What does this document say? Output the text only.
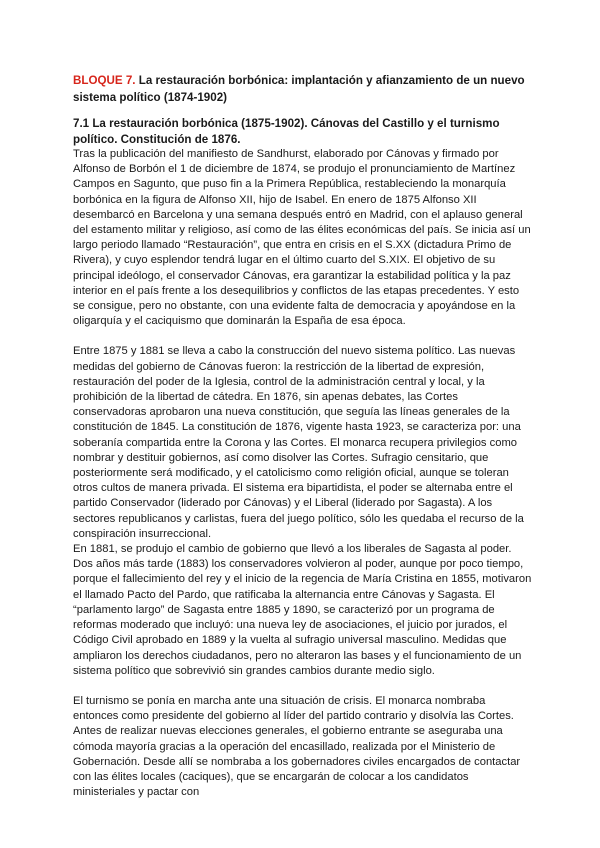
BLOQUE 7. La restauración borbónica: implantación y afianzamiento de un nuevo sistema político (1874-1902)

7.1 La restauración borbónica (1875-1902). Cánovas del Castillo y el turnismo político. Constitución de 1876.

Tras la publicación del manifiesto de Sandhurst, elaborado por Cánovas y firmado por Alfonso de Borbón el 1 de diciembre de 1874, se produjo el pronunciamiento de Martínez Campos en Sagunto, que puso fin a la Primera República, restableciendo la monarquía borbónica en la figura de Alfonso XII, hijo de Isabel. En enero de 1875 Alfonso XII desembarcó en Barcelona y una semana después entró en Madrid, con el aplauso general del estamento militar y religioso, así como de las élites económicas del país. Se inicia así un largo periodo llamado “Restauración”, que entra en crisis en el S.XX (dictadura Primo de Rivera), y cuyo esplendor tendrá lugar en el último cuarto del S.XIX. El objetivo de su principal ideólogo, el conservador Cánovas, era garantizar la estabilidad política y la paz interior en el país frente a los desequilibrios y conflictos de las etapas precedentes. Y esto se consigue, pero no obstante, con una evidente falta de democracia y apoyándose en la oligarquía y el caciquismo que dominarán la España de esa época.

Entre 1875 y 1881 se lleva a cabo la construcción del nuevo sistema político. Las nuevas medidas del gobierno de Cánovas fueron: la restricción de la libertad de expresión, restauración del poder de la Iglesia, control de la administración central y local, y la prohibición de la libertad de cátedra. En 1876, sin apenas debates, las Cortes conservadoras aprobaron una nueva constitución, que seguía las líneas generales de la constitución de 1845. La constitución de 1876, vigente hasta 1923, se caracteriza por: una soberanía compartida entre la Corona y las Cortes. El monarca recupera privilegios como nombrar y destituir gobiernos, así como disolver las Cortes. Sufragio censitario, que posteriormente será modificado, y el catolicismo como religión oficial, aunque se toleran otros cultos de manera privada. El sistema era bipartidista, el poder se alternaba entre el partido Conservador (liderado por Cánovas) y el Liberal (liderado por Sagasta). A los sectores republicanos y carlistas, fuera del juego político, sólo les quedaba el recurso de la conspiración insurreccional.

En 1881, se produjo el cambio de gobierno que llevó a los liberales de Sagasta al poder. Dos años más tarde (1883) los conservadores volvieron al poder, aunque por poco tiempo, porque el fallecimiento del rey y el inicio de la regencia de María Cristina en 1855, motivaron el llamado Pacto del Pardo, que ratificaba la alternancia entre Cánovas y Sagasta. El “parlamento largo” de Sagasta entre 1885 y 1890, se caracterizó por un programa de reformas moderado que incluyó: una nueva ley de asociaciones, el juicio por jurados, el Código Civil aprobado en 1889 y la vuelta al sufragio universal masculino. Medidas que ampliaron los derechos ciudadanos, pero no alteraron las bases y el funcionamiento de un sistema político que sobrevivió sin grandes cambios durante medio siglo.

El turnismo se ponía en marcha ante una situación de crisis. El monarca nombraba entonces como presidente del gobierno al líder del partido contrario y disolvía las Cortes. Antes de realizar nuevas elecciones generales, el gobierno entrante se aseguraba una cómoda mayoría gracias a la operación del encasillado, realizada por el Ministerio de Gobernación. Desde allí se nombraba a los gobernadores civiles encargados de contactar con las élites locales (caciques), que se encargarán de colocar a los candidatos ministeriales y pactar con
